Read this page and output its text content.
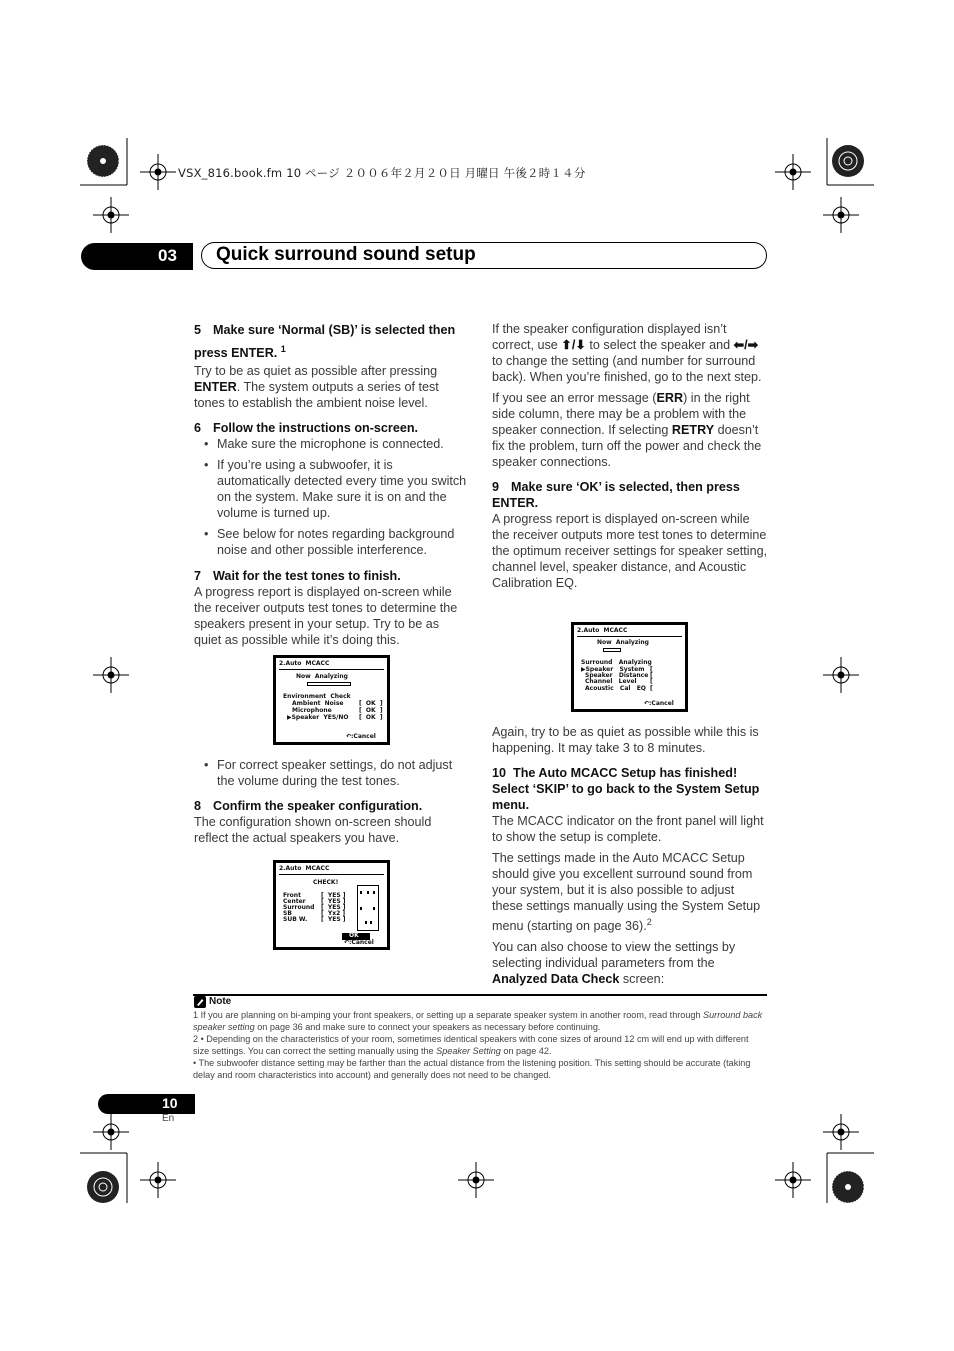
VSX_816.book.fm 10 ページ ２００６年２月２０日 月曜日 午後２時１４分
03 Quick surround sound setup

5 Make sure ‘Normal (SB)’ is selected then press ENTER. $^1$

Try to be as quiet as possible after pressing ENTER. The system outputs a series of test tones to establish the ambient noise level.

6 Follow the instructions on-screen.

• Make sure the microphone is connected.

• If you’re using a subwoofer, it is automatically detected every time you switch on the system. Make sure it is on and the volume is turned up.

• See below for notes regarding background noise and other possible interference.

7 Wait for the test tones to finish.

A progress report is displayed on-screen while the receiver outputs test tones to determine the speakers present in your setup. Try to be as quiet as possible while it’s doing this.

• For correct speaker settings, do not adjust the volume during the test tones.

8 Confirm the speaker configuration.

The configuration shown on-screen should reflect the actual speakers you have.

2.Auto  MCACC
Now  Analyzing
Environment  Check
Ambient  Noise	[  OK  ]
Microphone	[  OK  ]
▶Speaker  YES/NO [  OK  ]
↶:Cancel
2.Auto  MCACC
CHECK!
Front	[  YES ]
Center	[  YES ]
Surround [  YES ]
SB	[  Yx2 ]
SUB W. [  YES ]
OK
↶:Cancel

If the speaker configuration displayed isn’t correct, use ⬆/⬇ to select the speaker and ⬅/➡ to change the setting (and number for surround back). When you’re finished, go to the next step.

If you see an error message (ERR) in the right side column, there may be a problem with the speaker connection. If selecting RETRY doesn’t fix the problem, turn off the power and check the speaker connections.

9 Make sure ‘OK’ is selected, then press ENTER.

A progress report is displayed on-screen while the receiver outputs more test tones to determine the optimum receiver settings for speaker setting, channel level, speaker distance, and Acoustic Calibration EQ.

2.Auto  MCACC
Now  Analyzing
Surround   Analyzing
▶Speaker   System [
Speaker   Distance [
Channel   Level [
Acoustic   Cal   EQ [
↶:Cancel

Again, try to be as quiet as possible while this is happening. It may take 3 to 8 minutes.

10 The Auto MCACC Setup has finished! Select ‘SKIP’ to go back to the System Setup menu.

The MCACC indicator on the front panel will light to show the setup is complete.

The settings made in the Auto MCACC Setup should give you excellent surround sound from your system, but it is also possible to adjust these settings manually using the System Setup menu (starting on page 36).$^2$

You can also choose to view the settings by selecting individual parameters from the Analyzed Data Check screen:

Note
1 If you are planning on bi-amping your front speakers, or setting up a separate speaker system in another room, read through Surround back speaker setting on page 36 and make sure to connect your speakers as necessary before continuing.
2 • Depending on the characteristics of your room, sometimes identical speakers with cone sizes of around 12 cm will end up with different size settings. You can correct the setting manually using the Speaker Setting on page 42.
• The subwoofer distance setting may be farther than the actual distance from the listening position. This setting should be accurate (taking delay and room characteristics into account) and generally does not need to be changed.
10
En
